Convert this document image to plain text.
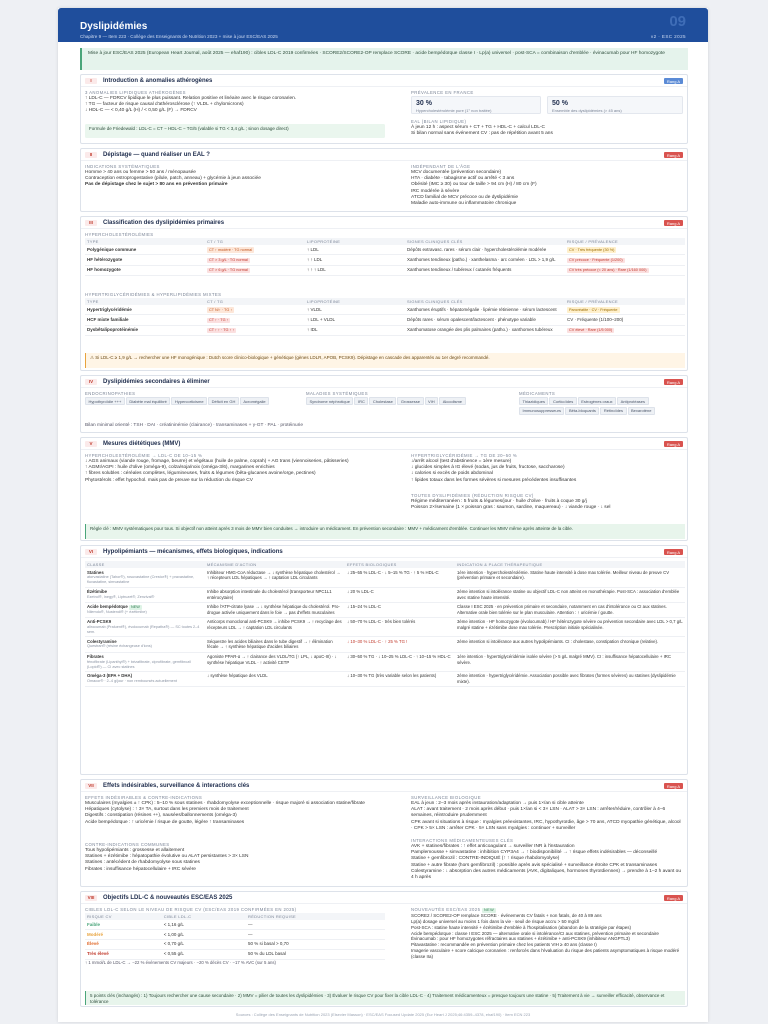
Dyslipidémies
Chapitre 9 — Item 223 · Collège des Enseignants de Nutrition 2023 + mise à jour ESC/EAS 2025	v2 · ESC 2025
09
Mise à jour ESC/EAS 2025 (European Heart Journal, août 2025 — ehaf190) : cibles LDL-C 2019 confirmées · SCORE2/SCORE2-OP remplace SCORE · acide bempédoïque classe I · Lp(a) universel · post-SCA = combinaison d'emblée · évinacumab pour HF homozygote
I	Introduction & anomalies athérogènes	Rang A
3 ANOMALIES LIPIDIQUES ATHÉROGÈNES
↑ LDL-C — FDRCV lipidique le plus puissant. Relation positive et linéaire avec le risque coronarien.
↑ TG — facteur de risque causal d'athérosclérose (↑ VLDL + chylomicrons)
↓ HDL-C — < 0,40 g/L (H) / < 0,50 g/L (F) → FDRCV
Formule de Friedewald : LDL-C = CT − HDL-C − TG/5 (valable si TG < 3,4 g/L ; sinon dosage direct)
PRÉVALENCE EN FRANCE
30 %
Hypercholestérolémie pure (1° non traitée)
50 %
Ensemble des dyslipidémies (> 45 ans)
EAL (BILAN LIPIDIQUE)
À jeun 12 h : aspect sérum + CT + TG + HDL-C + calcul LDL-C
Si bilan normal sans événement CV : pas de répétition avant 5 ans
II	Dépistage — quand réaliser un EAL ?	Rang A
INDICATIONS SYSTÉMATIQUES
Homme > 40 ans ou femme > 50 ans / ménopausée
Contraception estroprogestative (pilule, patch, anneau) + glycémie à jeun associée
Pas de dépistage chez le sujet > 80 ans en prévention primaire
INDÉPENDANT DE L'ÂGE
MCV documentée (prévention secondaire)
HTA · diabète · tabagisme actif ou arrêté < 3 ans
Obésité (IMC ≥ 30) ou tour de taille > 94 cm (H) / 80 cm (F)
IRC modérée à sévère
ATCD familial de MCV précoce ou de dyslipidémie
Maladie auto-immune ou inflammatoire chronique
III	Classification des dyslipidémies primaires	Rang A
HYPERCHOLESTÉROLÉMIES
TYPE	CT / TG	LIPOPROTÉINE	SIGNES CLINIQUES CLÉS	RISQUE / PRÉVALENCE
Polygénique commune	CT ↑ modéré · TG normal	↑ LDL	Dépôts extravasc. rares · sérum clair · hypercholestérolémie modérée	CV · Très fréquente (30 %)
HF hétérozygote	CT > 3 g/L · TG normal	↑ ↑ LDL	Xanthomes tendineux (patho.) · xanthelasma · arc cornéen · LDL > 1,9 g/L	CV précoce · Fréquente (1/200)
HF homozygote	CT > 6 g/L · TG normal	↑ ↑ ↑ LDL	Xanthomes tendineux / tubéreux / cutanés fréquents	CV très précoce (< 20 ans) · Rare (1/160 000)
HYPERTRIGLYCÉRIDÉMIES & HYPERLIPIDÉMIES MIXTES
TYPE	CT / TG	LIPOPROTÉINE	SIGNES CLINIQUES CLÉS	RISQUE / PRÉVALENCE
Hypertriglycéridémie	CT N/↑ · TG ↑	↑ VLDL	Xanthomes éruptifs · hépatomégalie · lipémie rétinienne · sérum lactescent	Pancréatite · CV · Fréquente
HCF mixte familiale	CT ↑ · TG ↑	↑ LDL + VLDL	Dépôts rares · sérum opalescent/lactescent · phénotype variable	CV · Fréquente (1/100–200)
Dysbêtalipoprotéinémie	CT ↑ ↑ · TG ↑ ↑	↑ IDL	Xanthomatose orangée des plis palmaires (patho.) · xanthomes tubéreux	CV élevé · Rare (1/5 000)
⚠ Si LDL-C ≥ 1,9 g/L → rechercher une HF monogénique : Dutch score clinico-biologique + génétique (gènes LDLR, APOB, PCSK9). Dépistage en cascade des apparentés au 1er degré recommandé.
IV	Dyslipidémies secondaires à éliminer	Rang A
ENDOCRINOPATHIES
Hypothyroïdie +++ Diabète mal équilibré Hypercorticisme Déficit en GH Acromégalie
MALADIES SYSTÉMIQUES
Syndrome néphrotique IRC Cholestase Grossesse VIH Alcoolisme
MÉDICAMENTS
Thiazidiques Corticoïdes Estrogènes oraux AntiprotéasesImmunosuppresseurs Bêta-bloquants Rétinoïdes Bexarotène
Bilan minimal orienté : TSH · DAI · créatininémie (clairance) · transaminases + γ-GT · PAL · protéinurie
V	Mesures diététiques (MMV)	Rang A
HYPERCHOLESTÉROLÉMIE → LDL-C DE 10–15 %
↓ AGS animaux (viande rouge, fromage, beurre) et végétaux (huile de palme, coprah) + AG trans (viennoiseries, pâtisseries)
↑ AGMI/AGPI : huile d'olive (oméga-9), colza/soja/noix (oméga-3/6), margarines enrichies
↑ fibres solubles : céréales complètes, légumineuses, fruits & légumes (bêta-glucanes avoine/orge, pectines)
Phytostérols : effet hypochol. mais pas de preuve sur la réduction du risque CV
HYPERTRIGLYCÉRIDÉMIE → TG DE 20–50 %
↓/arrêt alcool (test d'abstinence = 1ère mesure)
↓ glucides simples à IG élevé (sodas, jus de fruits, fructose, saccharose)
↓ calories si excès de poids abdominal
↑ lipides totaux dans les formes sévères si mesures précédentes insuffisantes
TOUTES DYSLIPIDÉMIES (RÉDUCTION RISQUE CV)
Régime méditerranéen : 5 fruits & légumes/jour · huile d'olive · fruits à coque 30 g/j
Poisson 2×/semaine (1 × poisson gras : saumon, sardine, maquereau) · ↓ viande rouge · ↓ sel
Règle clé : MMV systématiques pour tous. Si objectif non atteint après 3 mois de MMV bien conduites → introduire un médicament. En prévention secondaire : MMV + médicament d'emblée. Continuer les MMV même après atteinte de la cible.
VI	Hypolipémiants — mécanismes, effets biologiques, indications	Rang A
CLASSE	MÉCANISME D'ACTION	EFFETS BIOLOGIQUES	INDICATION & PLACE THÉRAPEUTIQUE
Statines
atorvastatine (Tahor®), rosuvastatine (Crestor®) + pravastatine, fluvastatine, simvastatine	Inhibiteur HMG-CoA réductase → ↓ synthèse hépatique cholestérol → ↑ récepteurs LDL hépatiques → ↑ captation LDL circulants	↓ 25–55 % LDL-C · ↓ 5–15 % TG · ↑ 5 % HDL-C	1ère intention · hypercholestérolémie. Statine haute intensité à dose max tolérée. Meilleur niveau de preuve CV (prévention primaire et secondaire).
Ézétimibe
Ezetrol®, Inegy®, Liptruzet®, Zenzival®	Inhibe absorption intestinale du cholestérol (transporteur NPC1L1 entérocytaire)	↓ 20 % LDL-C	2ème intention si intolérance statine ou objectif LDL-C non atteint en monothérapie. Post-SCA : association d'emblée avec statine haute intensité.
Acide bempédoïque NEW
Nilemdo®, Nustendi® (+ ézétimibe)	Inhibe l'ATP-citrate lyase → ↓ synthèse hépatique du cholestérol. Pro-drogue activée uniquement dans le foie → pas d'effets musculaires	↓ 15–24 % LDL-C	Classe I ESC 2025 · en prévention primaire et secondaire, notamment en cas d'intolérance ou CI aux statines. Alternative orale bien tolérée sur le plan musculaire. Attention : ↑ uricémie / goutte.
Anti-PCSK9
alirocumab (Praluent®), évolocumab (Repatha®) — SC toutes 2–4 sem.	Anticorps monoclonal anti-PCSK9 → inhibe PCSK9 → ↑ recyclage des récepteurs LDL → ↑ captation LDL circulants	↓ 50–70 % LDL-C · très bien tolérés	3ème intention · HF homozygote (évolocumab) / HF hétérozygote sévère ou prévention secondaire avec LDL > 0,7 g/L malgré statine + ézétimibe dose max tolérée. Prescription initiale spécialisée.
Colestyramine
Questran® (résine échangeuse d'ions)	Séquestre les acides biliaires dans le tube digestif → ↑ élimination fécale → ↑ synthèse hépatique d'acides biliaires	↓ 10–30 % LDL-C · ↑ 25 % TG !	2ème intention si intolérance aux autres hypolipémiants. CI : cholestase, constipation chronique (relative).
Fibrates
fénofibrate (Lipanthyl®) + bézafibrate, ciprofibrate, gemfibrozil (Lopid®) — CI avec statines	Agoniste PPAR-α → ↑ clairance des VLDL/TG (↑ LPL, ↓ apoC-III) · ↓ synthèse hépatique VLDL · ↑ activité CETP	↓ 30–50 % TG · ↓ 10–25 % LDL-C · ↑ 10–15 % HDL-C	1ère intention · hypertriglycéridémie isolée sévère (> 5 g/L malgré MMV). CI : insuffisance hépatocellulaire + IRC sévère.
Oméga-3 (EPA + DHA)
Omacor® · 2–4 g/jour · non remboursés actuellement	↓ synthèse hépatique des VLDL	↓ 10–30 % TG (très variable selon les patients)	2ème intention · hypertriglycéridémie. Association possible avec fibrates (formes sévères) ou statines (dyslipidémie mixte).
VII	Effets indésirables, surveillance & interactions clés	Rang A
EFFETS INDÉSIRABLES & CONTRE-INDICATIONS
Musculaires (myalgies ± ↑ CPK) : 5–10 % sous statines · rhabdomyolyse exceptionnelle · risque majoré si association statine/fibrate
Hépatiques (cytolyse) : ↑ 3× TA, surtout dans les premiers mois de traitement
Digestifs : constipation (résines ++), nausées/ballonnements (oméga-3)
Acide bempédoïque : ↑ uricémie / risque de goutte, légère ↑ transaminases
CONTRE-INDICATIONS COMMUNES
Tous hypolipémiants : grossesse et allaitement
Statines + ézétimibe : hépatopathie évolutive ou ALAT persistantes > 3× LSN
Statines : antécédent de rhabdomyolyse sous statines
Fibrates : insuffisance hépatocellulaire + IRC sévère
SURVEILLANCE BIOLOGIQUE
EAL à jeun : 2–3 mois après instauration/adaptation → puis 1×/an si cible atteinte
ALAT : avant traitement · 2 mois après début · puis 1×/an si < 3× LSN · ALAT > 3× LSN : arrêter/réduire, contrôler à 4–6 semaines, réintroduire prudemment
CPK avant si situations à risque : myalgies préexistantes, IRC, hypothyroïdie, âge > 70 ans, ATCD myopathie génétique, alcool · CPK > 5× LSN : arrêter CPK · 5× LSN sans myalgies : continuer + surveiller
INTERACTIONS MÉDICAMENTEUSES CLÉS
AVK + statines/fibrates : ↑ effet anticoagulant → surveiller INR à l'instauration
Pamplemousse + simvastatine : inhibition CYP3A4 → ↑ biodisponibilité → ↑ risque effets indésirables — déconseillé
Statine + gemfibrozil : CONTRE-INDIQUÉ (↑ ↑ risque rhabdomyolyse)
Statine + autre fibrate (hors gemfibrozil) : possible après avis spécialisé + surveillance étroite CPK et transaminases
Colestyramine : ↓ absorption des autres médicaments (AVK, digitaliques, hormones thyroïdiennes) → prendre à 1–2 h avant ou 4 h après
VIII	Objectifs LDL-C & nouveautés ESC/EAS 2025	Rang A
CIBLES LDL-C SELON LE NIVEAU DE RISQUE CV (ESC/EAS 2019 CONFIRMÉES EN 2025)
RISQUE CV	CIBLE LDL-C	RÉDUCTION REQUISE
Faible	< 1,16 g/L	—
Modéré	< 1,00 g/L	—
Élevé	< 0,70 g/L	50 % si basal > 0,70
Très élevé	< 0,55 g/L	50 % du LDL basal
↑ 1 mmol/L de LDL-C → −22 % événements CV majeurs · −20 % décès CV · −17 % AVC (sur 5 ans)
NOUVEAUTÉS ESC/EAS 2025 NEW
SCORE2 / SCORE2-OP remplace SCORE · événements CV fatals + non fatals, de 40 à 89 ans
Lp(a) dosage universel au moins 1 fois dans la vie · seuil de risque accru > 50 mg/dl
Post-SCA : statine haute intensité + ézétimibe d'emblée à l'hospitalisation (abandon de la stratégie par étapes)
Acide bempédoïque : classe I ESC 2025 — alternative orale si intolérance/CI aux statines, prévention primaire et secondaire
Évinacumab : pour HF homozygotes réfractaires aux statines + ézétimibe + anti-PCSK9 (inhibiteur ANGPTL3)
Pitavastatine : recommandée en prévention primaire chez les patients VIH ≥ 40 ans (classe I)
Imagerie vasculaire + score calcique coronarien : renforcés dans l'évaluation du risque des patients asymptomatiques à risque modéré (classe IIa)
5 points clés (inchangés) : 1) Toujours rechercher une cause secondaire · 2) MMV = pilier de toutes les dyslipidémies · 3) Évaluer le risque CV pour fixer la cible LDL-C · 4) Traitement médicamenteux = presque toujours une statine · 5) Traitement à vie → surveiller efficacité, observance et tolérance
Sources : Collège des Enseignants de Nutrition 2023 (Elsevier Masson) · ESC/EAS Focused Update 2025 (Eur Heart J 2025;46:4359–4378, ehaf190) · Item ECN 223
